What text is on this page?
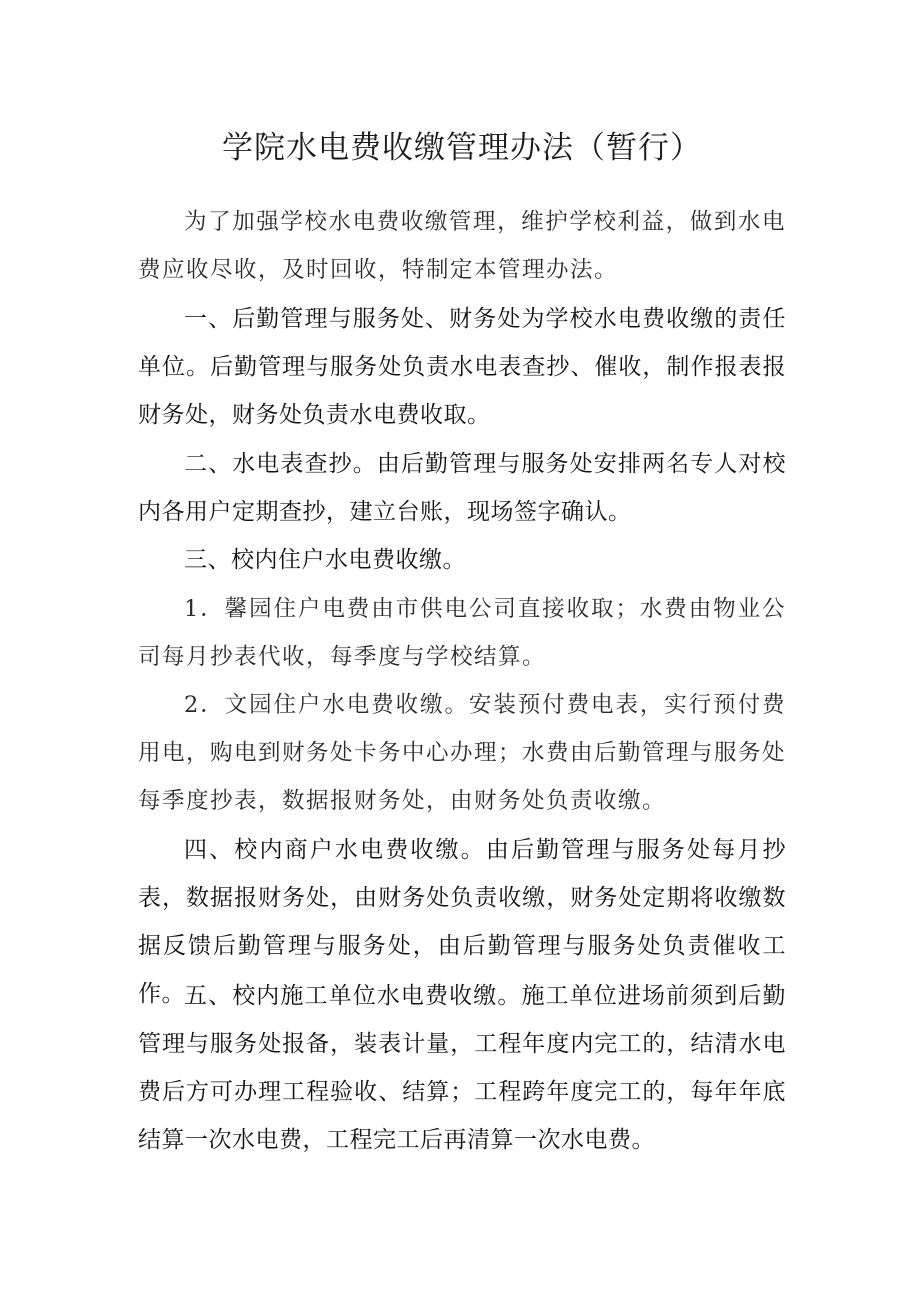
学院水电费收缴管理办法（暂行）

为了加强学校水电费收缴管理，维护学校利益，做到水电费应收尽收，及时回收，特制定本管理办法。

一、后勤管理与服务处、财务处为学校水电费收缴的责任单位。后勤管理与服务处负责水电表查抄、催收，制作报表报财务处，财务处负责水电费收取。

二、水电表查抄。由后勤管理与服务处安排两名专人对校内各用户定期查抄，建立台账，现场签字确认。

三、校内住户水电费收缴。

1．馨园住户电费由市供电公司直接收取；水费由物业公司每月抄表代收，每季度与学校结算。

2．文园住户水电费收缴。安装预付费电表，实行预付费用电，购电到财务处卡务中心办理；水费由后勤管理与服务处每季度抄表，数据报财务处，由财务处负责收缴。

四、校内商户水电费收缴。由后勤管理与服务处每月抄表，数据报财务处，由财务处负责收缴，财务处定期将收缴数据反馈后勤管理与服务处，由后勤管理与服务处负责催收工作。 五、校内施工单位水电费收缴。施工单位进场前须到后勤管理与服务处报备，装表计量，工程年度内完工的，结清水电费后方可办理工程验收、结算；工程跨年度完工的，每年年底结算一次水电费，工程完工后再清算一次水电费。
